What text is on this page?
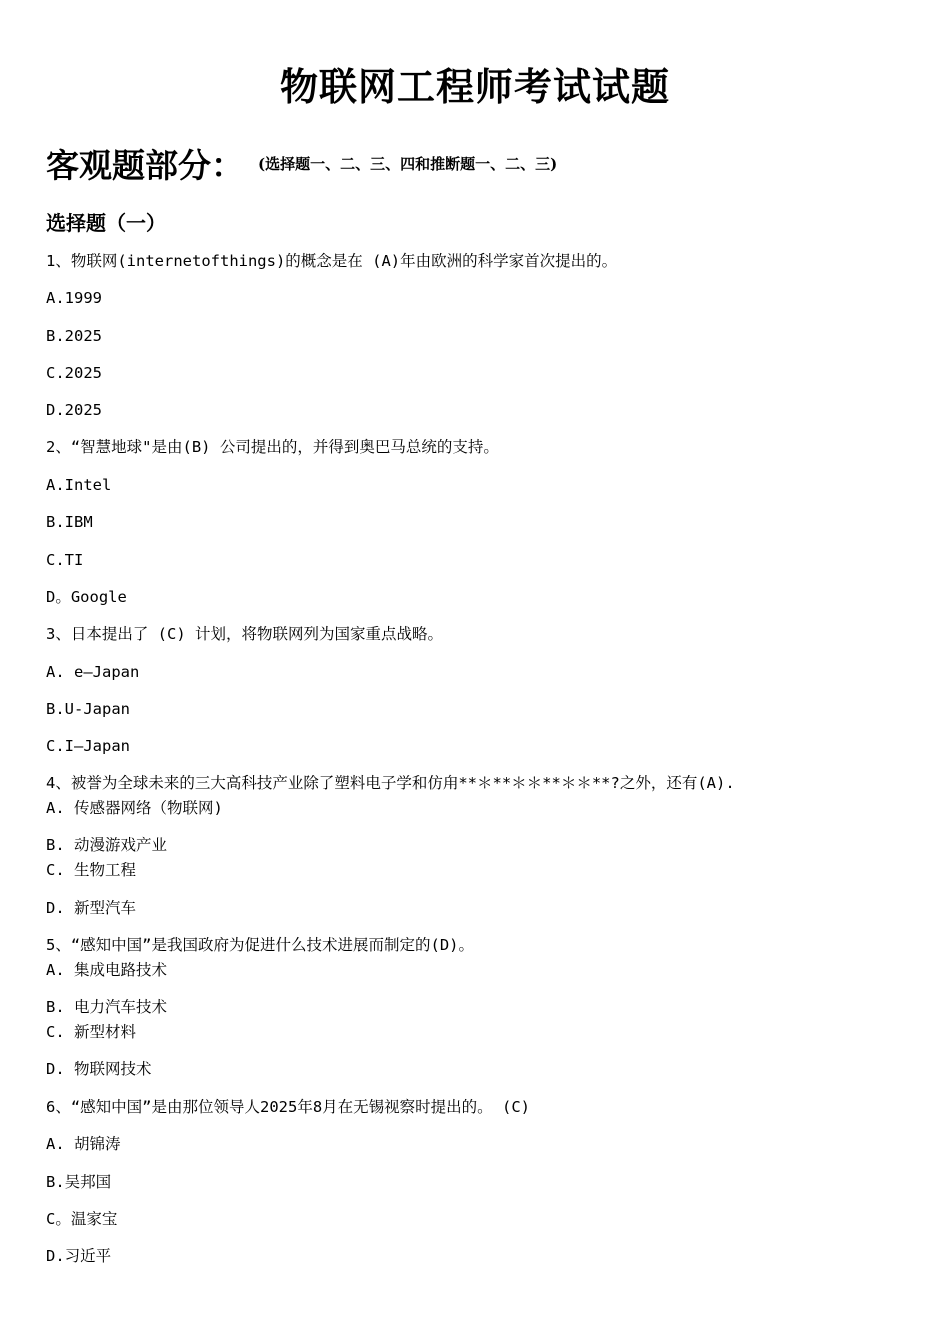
物联网工程师考试试题
客观题部分： (选择题一、二、三、四和推断题一、二、三)
选择题（一）
1、物联网(internetofthings)的概念是在 (A)年由欧洲的科学家首次提出的。
A.1999
B.2025
C.2025
D.2025
2、“智慧地球"是由(B) 公司提出的，并得到奥巴马总统的支持。
A.Intel
B.IBM
C.TI
D。Google
3、日本提出了 (C) 计划，将物联网列为国家重点战略。
A. e—Japan
B.U-Japan
C.I—Japan
4、被誉为全球未来的三大高科技产业除了塑料电子学和仿甪**＊**＊＊**＊＊**?之外，还有(A).
A. 传感器网络（物联网)
B. 动漫游戏产业
C. 生物工程
D. 新型汽车
5、“感知中国”是我国政府为促进什么技术进展而制定的(D)。
A. 集成电路技术
B. 电力汽车技术
C. 新型材料
D. 物联网技术
6、“感知中国”是由那位领导人2025年8月在无锡视察时提出的。 (C)
A. 胡锦涛
B.吴邦国
C。温家宝
D.习近平
